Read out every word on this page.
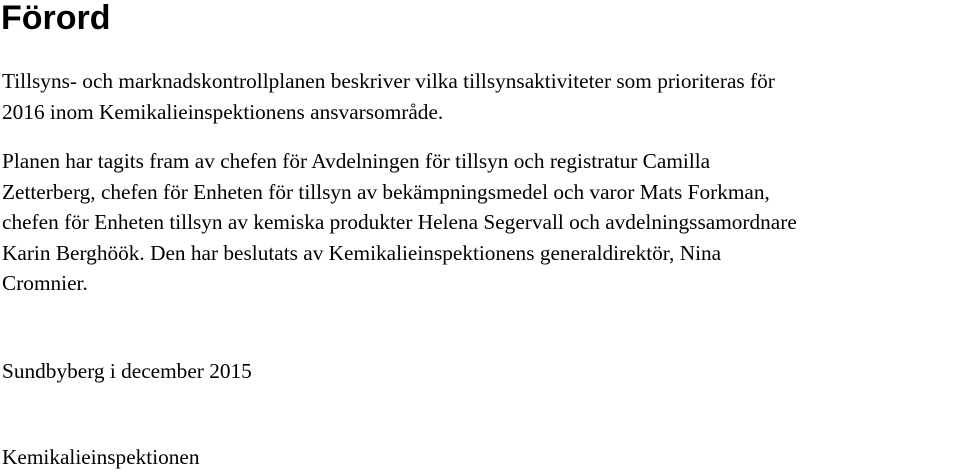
Förord

Tillsyns- och marknadskontrollplanen beskriver vilka tillsynsaktiviteter som prioriteras för
2016 inom Kemikalieinspektionens ansvarsområde.

Planen har tagits fram av chefen för Avdelningen för tillsyn och registratur Camilla
Zetterberg, chefen för Enheten för tillsyn av bekämpningsmedel och varor Mats Forkman,
chefen för Enheten tillsyn av kemiska produkter Helena Segervall och avdelningssamordnare
Karin Berghöök. Den har beslutats av Kemikalieinspektionens generaldirektör, Nina
Cromnier.

Sundbyberg i december 2015

Kemikalieinspektionen
